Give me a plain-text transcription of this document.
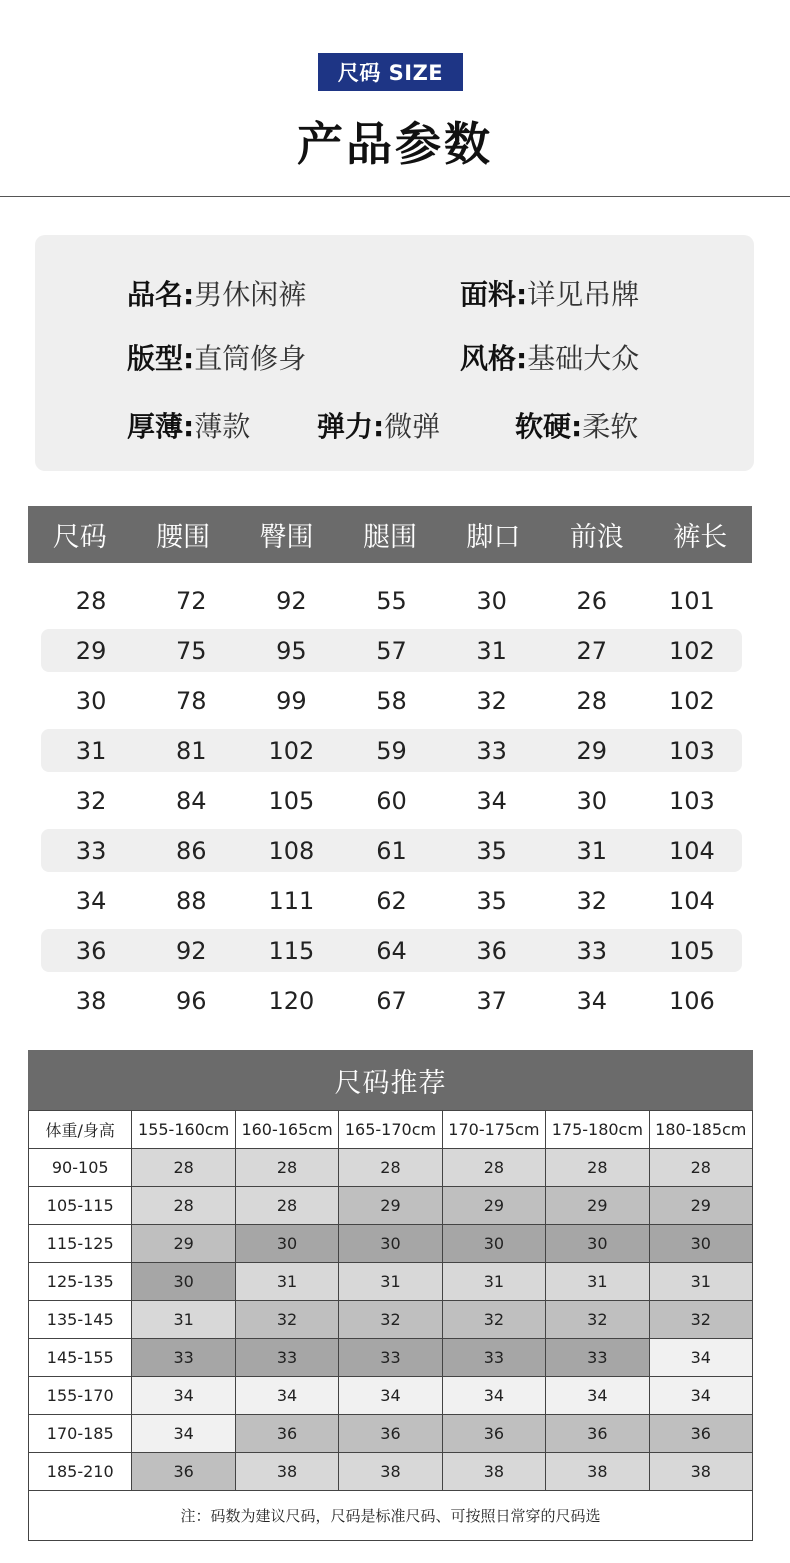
尺码 SIZE
产品参数
品名:男休闲裤	面料:详见吊牌
版型:直筒修身	风格:基础大众
厚薄:薄款 弹力:微弹	软硬:柔软
尺码	腰围	臀围	腿围	脚口	前浪	裤长
28	72	92	55	30	26	101
29	75	95	57	31	27	102
30	78	99	58	32	28	102
31	81	102	59	33	29	103
32	84	105	60	34	30	103
33	86	108	61	35	31	104
34	88	111	62	35	32	104
36	92	115	64	36	33	105
38	96	120	67	37	34	106
尺码推荐
体重/身高	155-160cm	160-165cm	165-170cm	170-175cm	175-180cm	180-185cm
90-105	28	28	28	28	28	28
105-115	28	28	29	29	29	29
115-125	29	30	30	30	30	30
125-135	30	31	31	31	31	31
135-145	31	32	32	32	32	32
145-155	33	33	33	33	33	34
155-170	34	34	34	34	34	34
170-185	34	36	36	36	36	36
185-210	36	38	38	38	38	38
注：码数为建议尺码，尺码是标准尺码、可按照日常穿的尺码选
